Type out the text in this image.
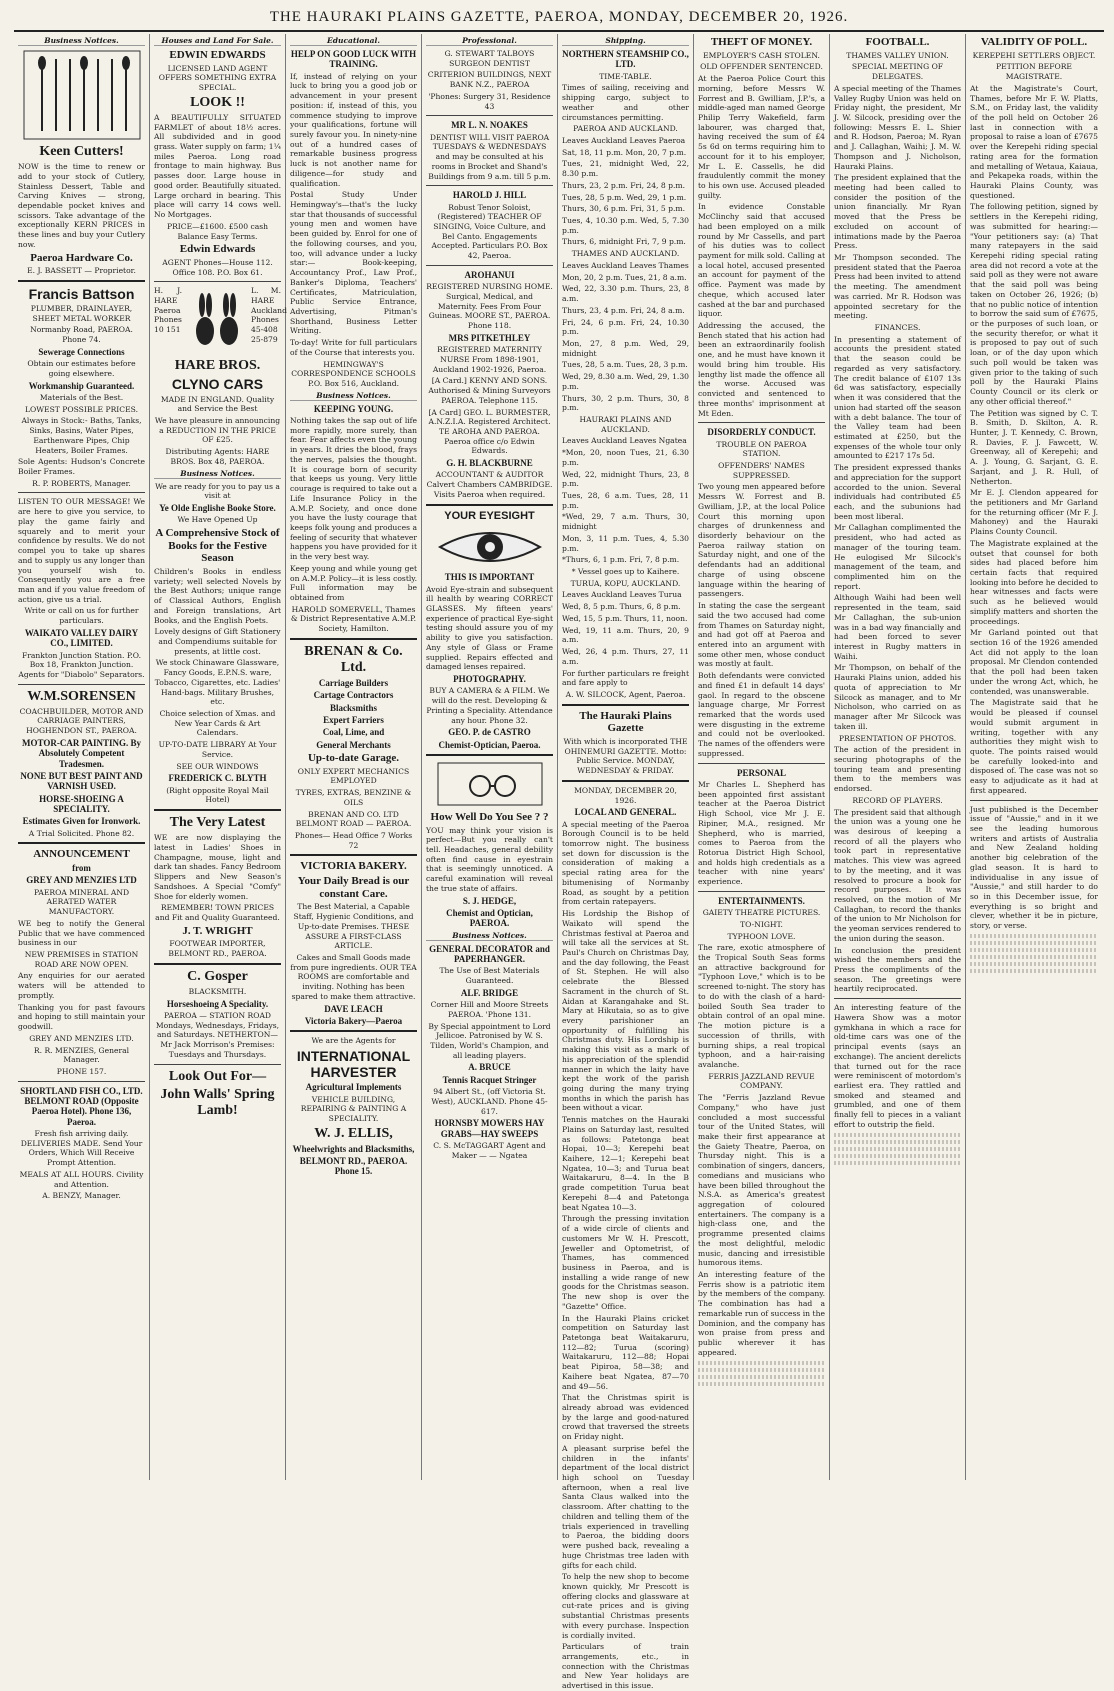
THE HAURAKI PLAINS GAZETTE, PAEROA, MONDAY, DECEMBER 20, 1926.
Business Notices.
Keen Cutters!

NOW is the time to renew or add to your stock of Cutlery, Stainless Dessert, Table and Carving Knives — strong, dependable pocket knives and scissors. Take advantage of the exceptionally KERN PRICES in these lines and buy your Cutlery now.

Paeroa Hardware Co.

E. J. BASSETT — Proprietor.

Francis Battson

PLUMBER, DRAINLAYER, SHEET METAL WORKER

Normanby Road, PAEROA. Phone 74.

Sewerage Connections

Obtain our estimates before going elsewhere.

Workmanship Guaranteed.

Materials of the Best.

LOWEST POSSIBLE PRICES.

Always in Stock:- Baths, Tanks, Sinks, Basins, Water Pipes, Earthenware Pipes, Chip Heaters, Boiler Frames.

Sole Agents: Hudson's Concrete Boiler Frames.

R. P. ROBERTS, Manager.

LISTEN TO OUR MESSAGE! We are here to give you service, to play the game fairly and squarely and to merit your confidence by results. We do not compel you to take up shares and to supply us any longer than you yourself wish to. Consequently you are a free man and if you value freedom of action, give us a trial.

Write or call on us for further particulars.

WAIKATO VALLEY DAIRY CO., LIMITED.

Frankton Junction Station. P.O. Box 18, Frankton Junction. Agents for "Diabolo" Separators.

W.M.SORENSEN

COACHBUILDER, MOTOR AND CARRIAGE PAINTERS, HOGHENDON ST., PAEROA.

MOTOR-CAR PAINTING. By Absolutely Competent Tradesmen.
NONE BUT BEST PAINT AND VARNISH USED.
HORSE-SHOEING A SPECIALITY.
Estimates Given for Ironwork.

A Trial Solicited. Phone 82.

ANNOUNCEMENT
from
GREY AND MENZIES LTD

PAEROA MINERAL AND AERATED WATER MANUFACTORY.

WE beg to notify the General Public that we have commenced business in our

NEW PREMISES in STATION ROAD ARE NOW OPEN.

Any enquiries for our aerated waters will be attended to promptly.

Thanking you for past favours and hoping to still maintain your goodwill.

GREY AND MENZIES LTD.

R. R. MENZIES, General Manager.

PHONE 157.

SHORTLAND FISH CO., LTD. BELMONT ROAD (Opposite Paeroa Hotel). Phone 136, Paeroa.

Fresh fish arriving daily. DELIVERIES MADE. Send Your Orders, Which Will Receive Prompt Attention.

MEALS AT ALL HOURS. Civility and Attention.

A. BENZY, Manager.

Houses and Land For Sale.
EDWIN EDWARDS

LICENSED LAND AGENT OFFERS SOMETHING EXTRA SPECIAL.

LOOK !!

A BEAUTIFULLY SITUATED FARMLET of about 18½ acres. All subdivided and in good grass. Water supply on farm; 1¼ miles Paeroa. Long road frontage to main highway. Bus passes door. Large house in good order. Beautifully situated. Large orchard in bearing. This place will carry 14 cows well. No Mortgages.

PRICE—£1600. £500 cash Balance Easy Terms.

Edwin Edwards

AGENT Phones—House 112. Office 108. P.O. Box 61.

H. J. HARE Paeroa Phones 10 151

L. M. HARE Auckland Phones 45-408 25-879

HARE BROS.
CLYNO CARS

MADE IN ENGLAND. Quality and Service the Best

We have pleasure in announcing a REDUCTION IN THE PRICE OF £25.

Distributing Agents: HARE BROS. Box 48, PAEROA.

Business Notices.

We are ready for you to pay us a visit at

Ye Olde Englishe Booke Store.

We Have Opened Up

A Comprehensive Stock of Books for the Festive Season

Children's Books in endless variety; well selected Novels by the Best Authors; unique range of Classical Authors, English and Foreign translations, Art Books, and the English Poets.

Lovely designs of Gift Stationery and Compendiums suitable for presents, at little cost.

We stock Chinaware Glassware, Fancy Goods, E.P.N.S. ware, Tobacco, Cigarettes, etc. Ladies' Hand-bags. Military Brushes, etc.

Choice selection of Xmas. and New Year Cards & Art Calendars.

UP-TO-DATE LIBRARY At Your Service.

SEE OUR WINDOWS

FREDERICK C. BLYTH

(Right opposite Royal Mail Hotel)

The Very Latest

WE are now displaying the latest in Ladies' Shoes in Champagne, mouse, light and dark tan shades. Fancy Bedroom Slippers and New Season's Sandshoes. A Special "Comfy" Shoe for elderly women.

REMEMBER! TOWN PRICES and Fit and Quality Guaranteed.

J. T. WRIGHT

FOOTWEAR IMPORTER, BELMONT RD., PAEROA.

C. Gosper

BLACKSMITH.

Horseshoeing A Speciality.

PAEROA — STATION ROAD Mondays, Wednesdays, Fridays, and Saturdays. NETHERTON— Mr Jack Morrison's Premises: Tuesdays and Thursdays.

Look Out For—
John Walls' Spring Lamb!
Educational.
HELP ON GOOD LUCK WITH TRAINING.

If, instead of relying on your luck to bring you a good job or advancement in your present position: if, instead of this, you commence studying to improve your qualifications, fortune will surely favour you. In ninety-nine out of a hundred cases of remarkable business progress luck is not another name for diligence—for study and qualification.

Postal Study Under Hemingway's—that's the lucky star that thousands of successful young men and women have been guided by. Enrol for one of the following courses, and you, too, will advance under a lucky star:— Book-keeping, Accountancy Prof., Law Prof., Banker's Diploma, Teachers' Certificates, Matriculation, Public Service Entrance, Advertising, Pitman's Shorthand, Business Letter Writing.

To-day! Write for full particulars of the Course that interests you.

HEMINGWAY'S CORRESPONDENCE SCHOOLS P.O. Box 516, Auckland.

Business Notices.
KEEPING YOUNG.

Nothing takes the sap out of life more rapidly, more surely, than fear. Fear affects even the young in years. It dries the blood, frays the nerves, palsies the thought. It is courage born of security that keeps us young. Very little courage is required to take out a Life Insurance Policy in the A.M.P. Society, and once done you have the lusty courage that keeps folk young and produces a feeling of security that whatever happens you have provided for it in the very best way.

Keep young and while young get on A.M.P. Policy—it is less costly. Full information may be obtained from

HAROLD SOMERVELL, Thames & District Representative A.M.P. Society, Hamilton.

BRENAN & Co. Ltd.
Carriage Builders
Cartage Contractors
Blacksmiths
Expert Farriers
Coal, Lime, and
General Merchants
Up-to-date Garage.

ONLY EXPERT MECHANICS EMPLOYED

TYRES, EXTRAS, BENZINE & OILS

BRENAN AND CO. LTD BELMONT ROAD — PAEROA.

Phones— Head Office 7 Works 72

VICTORIA BAKERY.
Your Daily Bread is our constant Care.

The Best Material, a Capable Staff, Hygienic Conditions, and Up-to-date Premises. THESE ASSURE A FIRST-CLASS ARTICLE.

Cakes and Small Goods made from pure ingredients. OUR TEA ROOMS are comfortable and inviting. Nothing has been spared to make them attractive.

DAVE LEACH
Victoria Bakery—Paeroa

We are the Agents for

INTERNATIONAL HARVESTER
Agricultural Implements

VEHICLE BUILDING, REPAIRING & PAINTING A SPECIALITY.

W. J. ELLIS,
Wheelwrights and Blacksmiths,
BELMONT RD., PAEROA. Phone 15.
Professional.

G. STEWART TALBOYS SURGEON DENTIST

CRITERION BUILDINGS, NEXT BANK N.Z., PAEROA

'Phones: Surgery 31, Residence 43

MR L. N. NOAKES

DENTIST WILL VISIT PAEROA TUESDAYS & WEDNESDAYS and may be consulted at his rooms in Brocket and Shand's Buildings from 9 a.m. till 5 p.m.

HAROLD J. HILL

Robust Tenor Soloist, (Registered) TEACHER OF SINGING, Voice Culture, and Bel Canto. Engagements Accepted. Particulars P.O. Box 42, Paeroa.

AROHANUI

REGISTERED NURSING HOME. Surgical, Medical, and Maternity. Fees From Four Guineas. MOORE ST., PAEROA. Phone 118.

MRS PITKETHLEY

REGISTERED MATERNITY NURSE From 1898-1901, Auckland 1902-1926, Paeroa.

[A Card.] KENNY AND SONS. Authorised & Mining Surveyors PAEROA. Telephone 115.

[A Card] GEO. L. BURMESTER, A.N.Z.I.A. Registered Architect. TE AROHA AND PAEROA. Paeroa office c/o Edwin Edwards.

G. H. BLACKBURNE

ACCOUNTANT & AUDITOR Calvert Chambers CAMBRIDGE. Visits Paeroa when required.

YOUR EYESIGHT
THIS IS IMPORTANT

Avoid Eye-strain and subsequent ill health by wearing CORRECT GLASSES. My fifteen years' experience of practical Eye-sight testing should assure you of my ability to give you satisfaction. Any style of Glass or Frame supplied. Repairs effected and damaged lenses repaired.

PHOTOGRAPHY.

BUY A CAMERA & A FILM. We will do the rest. Developing & Printing a Speciality. Attendance any hour. Phone 32.

GEO. P. de CASTRO
Chemist-Optician, Paeroa.
How Well Do You See ? ?

YOU may think your vision is perfect—But you really can't tell. Headaches, general debility often find cause in eyestrain that is seemingly unnoticed. A careful examination will reveal the true state of affairs.

S. J. HEDGE,
Chemist and Optician, PAEROA.
Business Notices.
GENERAL DECORATOR and PAPERHANGER.

The Use of Best Materials Guaranteed.

ALF. BRIDGE

Corner Hill and Moore Streets PAEROA. 'Phone 131.

By Special appointment to Lord Jellicoe. Patronised by W. S. Tilden, World's Champion, and all leading players.

A. BRUCE
Tennis Racquet Stringer

94 Albert St., (off Victoria St. West), AUCKLAND. Phone 45-617.

HORNSBY MOWERS HAY GRABS—HAY SWEEPS

C. S. McTAGGART Agent and Maker — — Ngatea

Shipping.
NORTHERN STEAMSHIP CO., LTD.

TIME-TABLE.

Times of sailing, receiving and shipping cargo, subject to weather and other circumstances permitting.

PAEROA AND AUCKLAND.

Leaves Auckland Leaves Paeroa

Sat, 18, 11 p.m. Mon, 20, 7 p.m.

Tues, 21, midnight Wed, 22, 8.30 p.m.

Thurs, 23, 2 p.m. Fri, 24, 8 p.m.

Tues, 28, 5 p.m. Wed, 29, 1 p.m.

Thurs, 30, 6 p.m. Fri, 31, 5 p.m.

Tues, 4, 10.30 p.m. Wed, 5, 7.30 p.m.

Thurs, 6, midnight Fri, 7, 9 p.m.

THAMES AND AUCKLAND.

Leaves Auckland Leaves Thames

Mon, 20, 2 p.m. Tues, 21, 8 a.m.

Wed, 22, 3.30 p.m. Thurs, 23, 8 a.m.

Thurs, 23, 4 p.m. Fri, 24, 8 a.m.

Fri, 24, 6 p.m. Fri, 24, 10.30 p.m.

Mon, 27, 8 p.m. Wed, 29, midnight

Tues, 28, 5 a.m. Tues, 28, 3 p.m.

Wed, 29, 8.30 a.m. Wed, 29, 1.30 p.m.

Thurs, 30, 2 p.m. Thurs, 30, 8 p.m.

HAURAKI PLAINS AND AUCKLAND.

Leaves Auckland Leaves Ngatea

*Mon, 20, noon Tues, 21, 6.30 p.m.

Wed, 22, midnight Thurs, 23, 8 p.m.

Tues, 28, 6 a.m. Tues, 28, 11 p.m.

*Wed, 29, 7 a.m. Thurs, 30, midnight

Mon, 3, 11 p.m. Tues, 4, 5.30 p.m.

*Thurs, 6, 1 p.m. Fri, 7, 8 p.m.

* Vessel goes up to Kaihere.

TURUA, KOPU, AUCKLAND.

Leaves Auckland Leaves Turua

Wed, 8, 5 p.m. Thurs, 6, 8 p.m.

Wed, 15, 5 p.m. Thurs, 11, noon.

Wed, 19, 11 a.m. Thurs, 20, 9 a.m.

Wed, 26, 4 p.m. Thurs, 27, 11 a.m.

For further particulars re freight and fare apply to

A. W. SILCOCK, Agent, Paeroa.

The Hauraki Plains Gazette

With which is incorporated THE OHINEMURI GAZETTE. Motto: Public Service. MONDAY, WEDNESDAY & FRIDAY.

MONDAY, DECEMBER 20, 1926.

LOCAL AND GENERAL.

A special meeting of the Paeroa Borough Council is to be held tomorrow night. The business set down for discussion is the consideration of making a special rating area for the bitumenising of Normanby Road, as sought by a petition from certain ratepayers.

His Lordship the Bishop of Waikato will spend the Christmas festival at Paeroa and will take all the services at St. Paul's Church on Christmas Day, and the day following, the Feast of St. Stephen. He will also celebrate the Blessed Sacrament in the church of St. Aidan at Karangahake and St. Mary at Hikutaia, so as to give every parishioner an opportunity of fulfilling his Christmas duty. His Lordship is making this visit as a mark of his appreciation of the splendid manner in which the laity have kept the work of the parish going during the many trying months in which the parish has been without a vicar.

Tennis matches on the Hauraki Plains on Saturday last, resulted as follows: Patetonga beat Hopai, 10—3; Kerepehi beat Kaihere, 12—1; Kerepehi beat Ngatea, 10—3; and Turua beat Waitakaruru, 8—4. In the B grade competition Turua beat Kerepehi 8—4 and Patetonga beat Ngatea 10—3.

Through the pressing invitation of a wide circle of clients and customers Mr W. H. Prescott, Jeweller and Optometrist, of Thames, has commenced business in Paeroa, and is installing a wide range of new goods for the Christmas season. The new shop is over the "Gazette" Office.

In the Hauraki Plains cricket competition on Saturday last Patetonga beat Waitakaruru, 112—82; Turua (scoring) Waitakaruru, 112—88; Hopai beat Pipiroa, 58—38; and Kaihere beat Ngatea, 87—70 and 49—56.

That the Christmas spirit is already abroad was evidenced by the large and good-natured crowd that traversed the streets on Friday night.

A pleasant surprise befel the children in the infants' department of the local district high school on Tuesday afternoon, when a real live Santa Claus walked into the classroom. After chatting to the children and telling them of the trials experienced in travelling to Paeroa, the bidding doors were pushed back, revealing a huge Christmas tree laden with gifts for each child.

To help the new shop to become known quickly, Mr Prescott is offering clocks and glassware at cut-rate prices and is giving substantial Christmas presents with every purchase. Inspection is cordially invited.

Particulars of train arrangements, etc., in connection with the Christmas and New Year holidays are advertised in this issue.

THEFT OF MONEY.

EMPLOYER'S CASH STOLEN.

OLD OFFENDER SENTENCED.

At the Paeroa Police Court this morning, before Messrs W. Forrest and B. Gwilliam, J.P.'s, a middle-aged man named George Philip Terry Wakefield, farm labourer, was charged that, having received the sum of £4 5s 6d on terms requiring him to account for it to his employer, Mr L. E. Cassells, he did fraudulently commit the money to his own use. Accused pleaded guilty.

In evidence Constable McClinchy said that accused had been employed on a milk round by Mr Cassells, and part of his duties was to collect payment for milk sold. Calling at a local hotel, accused presented an account for payment of the office. Payment was made by cheque, which accused later cashed at the bar and purchased liquor.

Addressing the accused, the Bench stated that his action had been an extraordinarily foolish one, and he must have known it would bring him trouble. His lengthy list made the offence all the worse. Accused was convicted and sentenced to three months' imprisonment at Mt Eden.

DISORDERLY CONDUCT.

TROUBLE ON PAEROA STATION.

OFFENDERS' NAMES SUPPRESSED.

Two young men appeared before Messrs W. Forrest and B. Gwilliam, J.P., at the local Police Court this morning upon charges of drunkenness and disorderly behaviour on the Paeroa railway station on Saturday night, and one of the defendants had an additional charge of using obscene language within the hearing of passengers.

In stating the case the sergeant said the two accused had come from Thames on Saturday night, and had got off at Paeroa and entered into an argument with some other men, whose conduct was mostly at fault.

Both defendants were convicted and fined £1 in default 14 days' gaol. In regard to the obscene language charge, Mr Forrest remarked that the words used were disgusting in the extreme and could not be overlooked. The names of the offenders were suppressed.

PERSONAL

Mr Charles L. Shepherd has been appointed first assistant teacher at the Paeroa District High School, vice Mr J. E. Ripiner, M.A., resigned. Mr Shepherd, who is married, comes to Paeroa from the Rotorua District High School, and holds high credentials as a teacher with nine years' experience.

ENTERTAINMENTS.

GAIETY THEATRE PICTURES.

TO-NIGHT.

TYPHOON LOVE.

The rare, exotic atmosphere of the Tropical South Seas forms an attractive background for "Typhoon Love," which is to be screened to-night. The story has to do with the clash of a hard-boiled South Sea trader to obtain control of an opal mine. The motion picture is a succession of thrills, with burning ships, a real tropical typhoon, and a hair-raising avalanche.

FERRIS JAZZLAND REVUE COMPANY.

The "Ferris Jazzland Revue Company," who have just concluded a most successful tour of the United States, will make their first appearance at the Gaiety Theatre, Paeroa, on Thursday night. This is a combination of singers, dancers, comedians and musicians who have been billed throughout the N.S.A. as America's greatest aggregation of coloured entertainers. The company is a high-class one, and the programme presented claims the most delightful, melodic music, dancing and irresistible humorous items.

An interesting feature of the Ferris show is a patriotic item by the members of the company. The combination has had a remarkable run of success in the Dominion, and the company has won praise from press and public wherever it has appeared.

FOOTBALL.

THAMES VALLEY UNION.

SPECIAL MEETING OF DELEGATES.

A special meeting of the Thames Valley Rugby Union was held on Friday night, the president, Mr J. W. Silcock, presiding over the following: Messrs E. L. Shier and R. Hodson, Paeroa; M. Ryan and J. Callaghan, Waihi; J. M. W. Thompson and J. Nicholson, Hauraki Plains.

The president explained that the meeting had been called to consider the position of the union financially. Mr Ryan moved that the Press be excluded on account of intimations made by the Paeroa Press.

Mr Thompson seconded. The president stated that the Paeroa Press had been invited to attend the meeting. The amendment was carried. Mr R. Hodson was appointed secretary for the meeting.

FINANCES.

In presenting a statement of accounts the president stated that the season could be regarded as very satisfactory. The credit balance of £107 13s 6d was satisfactory, especially when it was considered that the union had started off the season with a debt balance. The tour of the Valley team had been estimated at £250, but the expenses of the whole tour only amounted to £217 17s 5d.

The president expressed thanks and appreciation for the support accorded to the union. Several individuals had contributed £5 each, and the subunions had been most liberal.

Mr Callaghan complimented the president, who had acted as manager of the touring team. He eulogised Mr Silcock's management of the team, and complimented him on the report.

Although Waihi had been well represented in the team, said Mr Callaghan, the sub-union was in a bad way financially and had been forced to sever interest in Rugby matters in Waihi.

Mr Thompson, on behalf of the Hauraki Plains union, added his quota of appreciation to Mr Silcock as manager, and to Mr Nicholson, who carried on as manager after Mr Silcock was taken ill.

PRESENTATION OF PHOTOS.

The action of the president in securing photographs of the touring team and presenting them to the members was endorsed.

RECORD OF PLAYERS.

The president said that although the union was a young one he was desirous of keeping a record of all the players who took part in representative matches. This view was agreed to by the meeting, and it was resolved to procure a book for record purposes. It was resolved, on the motion of Mr Callaghan, to record the thanks of the union to Mr Nicholson for the yeoman services rendered to the union during the season.

In conclusion the president wished the members and the Press the compliments of the season. The greetings were heartily reciprocated.

An interesting feature of the Hawera Show was a motor gymkhana in which a race for old-time cars was one of the principal events (says an exchange). The ancient derelicts that turned out for the race were reminiscent of motordom's earliest era. They rattled and smoked and steamed and grumbled, and one of them finally fell to pieces in a valiant effort to outstrip the field.

VALIDITY OF POLL.

KEREPEHI SETTLERS OBJECT.

PETITION BEFORE MAGISTRATE.

At the Magistrate's Court, Thames, before Mr F. W. Platts, S.M., on Friday last, the validity of the poll held on October 26 last in connection with a proposal to raise a loan of £7675 over the Kerepehi riding special rating area for the formation and metalling of Wetaua, Kaiaua, and Pekapeka roads, within the Hauraki Plains County, was questioned.

The following petition, signed by settlers in the Kerepehi riding, was submitted for hearing:— "Your petitioners say: (a) That many ratepayers in the said Kerepehi riding special rating area did not record a vote at the said poll as they were not aware that the said poll was being taken on October 26, 1926; (b) that no public notice of intention to borrow the said sum of £7675, or the purposes of such loan, or the security therefor, or what it is proposed to pay out of such loan, or of the day upon which such poll would be taken was given prior to the taking of such poll by the Hauraki Plains County Council or its clerk or any other official thereof."

The Petition was signed by C. T. B. Smith, D. Skilton, A. R. Hunter, J. T. Kennedy, C. Brown, R. Davies, F. J. Fawcett, W. Greenway, all of Kerepehi; and A. J. Young, G. Sarjant, G. E. Sarjant, and J. R. Hull, of Netherton.

Mr E. J. Clendon appeared for the petitioners and Mr Garland for the returning officer (Mr F. J. Mahoney) and the Hauraki Plains County Council.

The Magistrate explained at the outset that counsel for both sides had placed before him certain facts that required looking into before he decided to hear witnesses and facts were such as he believed would simplify matters and shorten the proceedings.

Mr Garland pointed out that section 16 of the 1926 amended Act did not apply to the loan proposal. Mr Clendon contended that the poll had been taken under the wrong Act, which, he contended, was unanswerable.

The Magistrate said that he would be pleased if counsel would submit argument in writing, together with any authorities they might wish to quote. The points raised would be carefully looked-into and disposed of. The case was not so easy to adjudicate as it had at first appeared.

Just published is the December issue of "Aussie," and in it we see the leading humorous writers and artists of Australia and New Zealand holding another big celebration of the glad season. It is hard to individualise in any issue of "Aussie," and still harder to do so in this December issue, for everything is so bright and clever, whether it be in picture, story, or verse.
